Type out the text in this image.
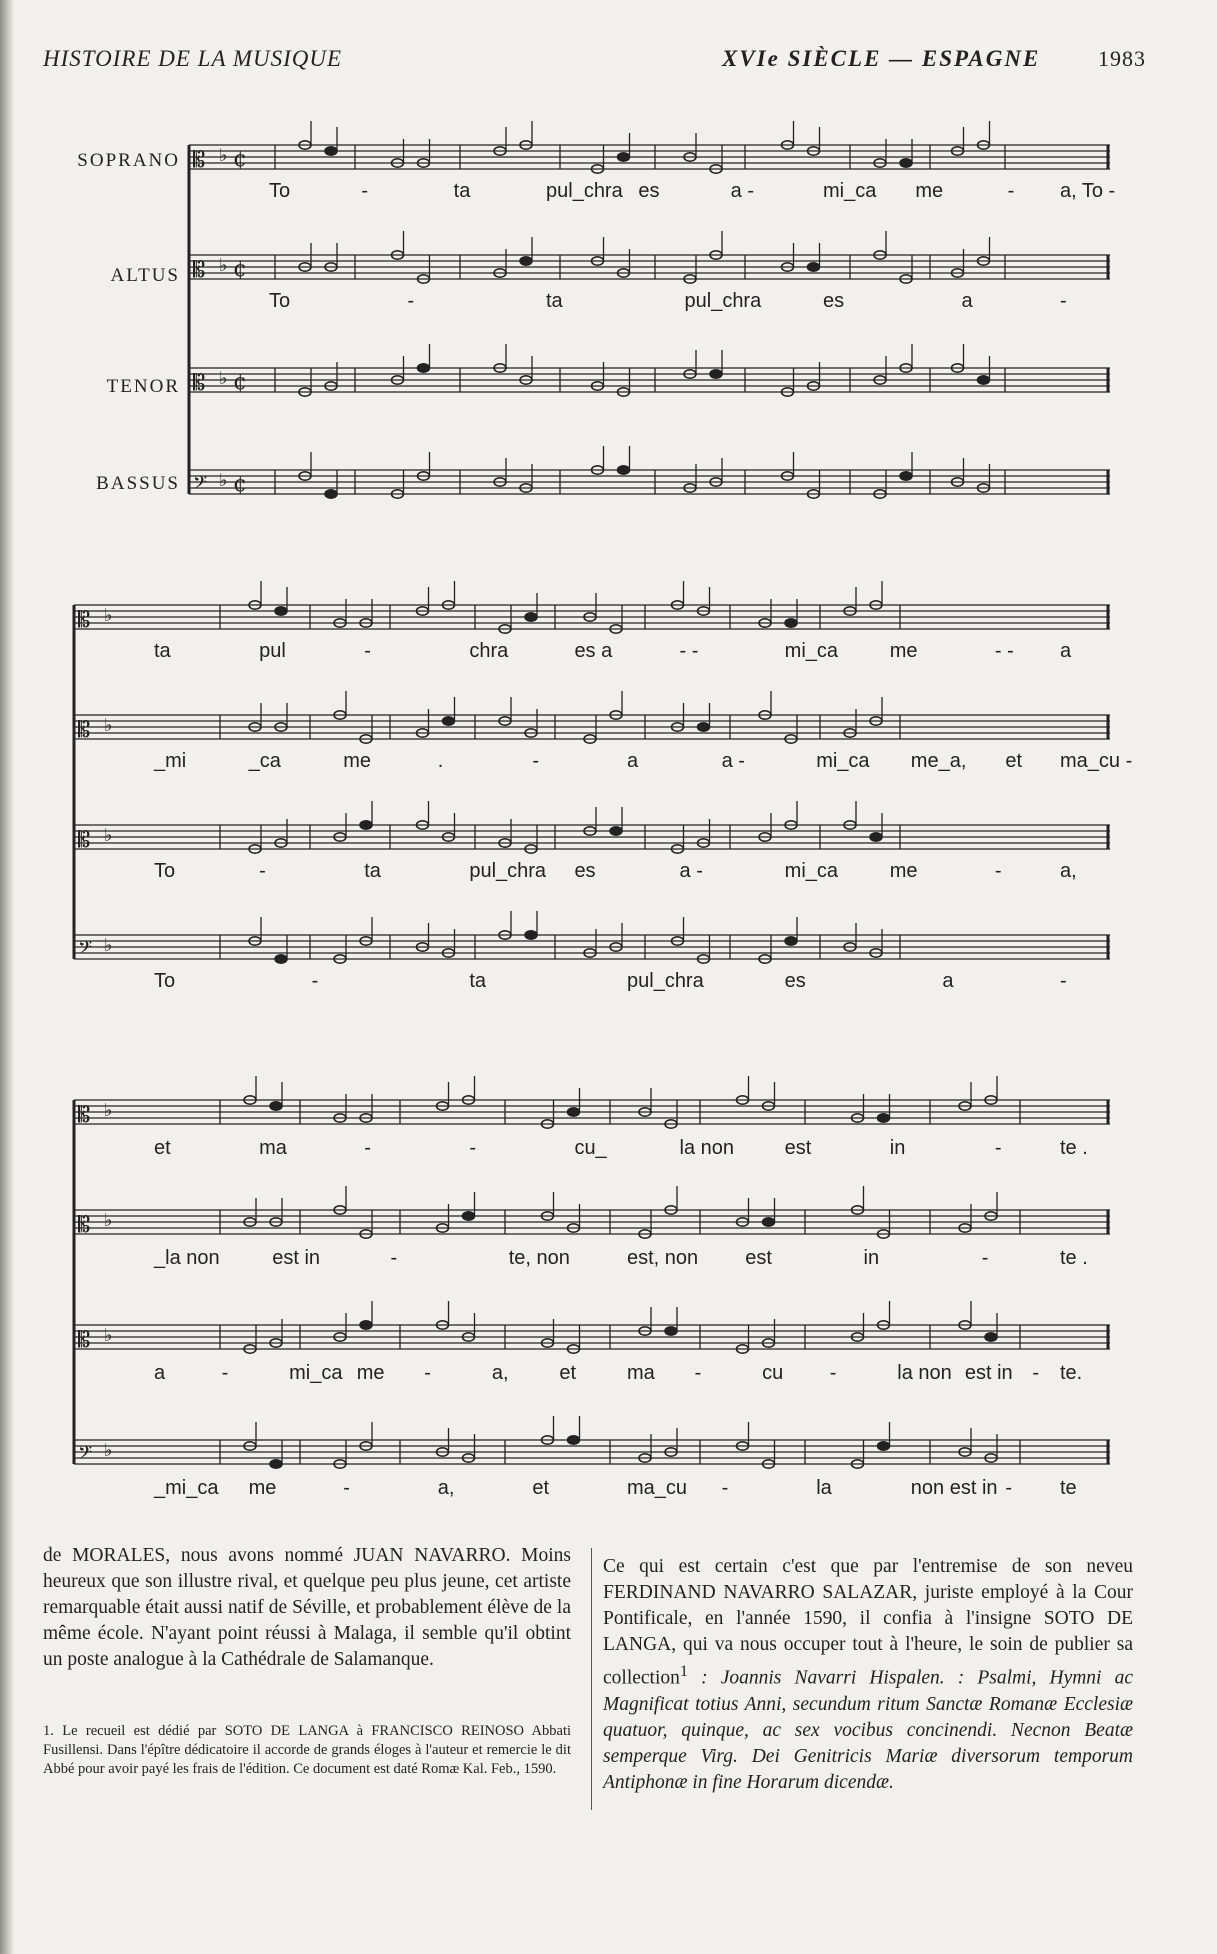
HISTOIRE DE LA MUSIQUE	XVIe SIÈCLE — ESPAGNE	1983
SOPRANO
ALTUS
TENOR
BASSUS
𝄡 ♭ ¢
To	-	ta	pul_chra es	a -	mi_ca me	- a, To -
𝄡 ♭ ¢
To	-	ta	pul_chra	es	a	-
𝄡 ♭ ¢
𝄢 ♭ ¢
𝄡 ♭
ta	pul	-	chra	es a	- -	mi_ca	me	- - a
𝄡 ♭
_mi	_ca	me	.	-	a	a -	mi_ca me_a, et ma_cu -
𝄡 ♭
To	-	ta	pul_chra es	a -	mi_ca	me	-	a,
𝄢 ♭
To	-	ta	pul_chra	es	a	-
𝄡 ♭
et	ma	-	-	cu_	la non	est	in	-	te .
𝄡 ♭
_la non	est in	-	te, non	est, non est	in	-	te .
𝄡 ♭
a	-	mi_ca me -	a,	et	ma -	cu -	la non est in - te.
𝄢 ♭
_mi_ca me	-	a,	et	ma_cu -	la	non est in - te
de MORALES, nous avons nommé JUAN NAVARRO. Moins heureux que son illustre rival, et quelque peu plus jeune, cet artiste remarquable était aussi natif de Séville, et probablement élève de la même école. N'ayant point réussi à Malaga, il semble qu'il obtint un poste analogue à la Cathédrale de Salamanque.
Ce qui est certain c'est que par l'entremise de son neveu FERDINAND NAVARRO SALAZAR, juriste employé à la Cour Pontificale, en l'année 1590, il confia à l'insigne SOTO DE LANGA, qui va nous occuper tout à l'heure, le soin de publier sa collection$^1$ : Joannis Navarri Hispalen. : Psalmi, Hymni ac Magnificat totius Anni, secundum ritum Sanctæ Romanæ Ecclesiæ quatuor, quinque, ac sex vocibus concinendi. Necnon Beatæ semperque Virg. Dei Genitricis Mariæ diversorum temporum Antiphonæ in fine Horarum dicendæ.
1. Le recueil est dédié par SOTO DE LANGA à FRANCISCO REINOSO Abbati Fusillensi. Dans l'épître dédicatoire il accorde de grands éloges à l'auteur et remercie le dit Abbé pour avoir payé les frais de l'édition. Ce document est daté Romæ Kal. Feb., 1590.
